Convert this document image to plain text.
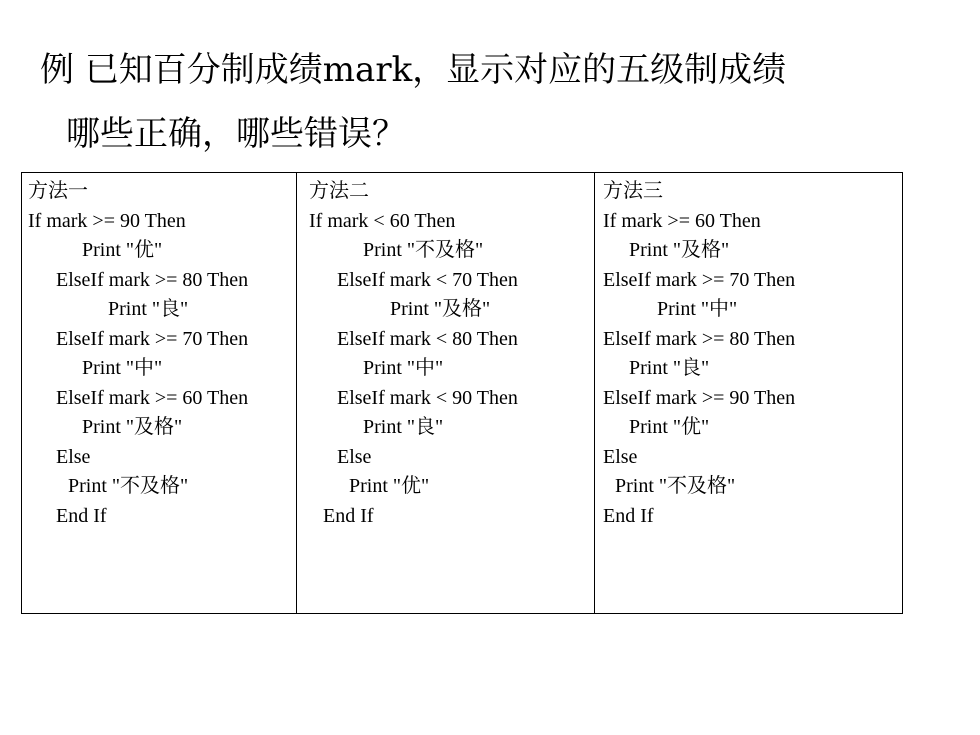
例 已知百分制成绩mark，显示对应的五级制成绩
哪些正确，哪些错误？
方法一
If mark >= 90 Then
Print "优"
ElseIf mark >= 80 Then
Print "良"
ElseIf mark >= 70 Then
Print "中"
ElseIf mark >= 60 Then
Print "及格"
Else
Print "不及格"
End If
方法二
If mark < 60 Then
Print "不及格"
ElseIf mark < 70 Then
Print "及格"
ElseIf mark < 80 Then
Print "中"
ElseIf mark < 90 Then
Print "良"
Else
Print "优"
End If
方法三
If mark >= 60 Then
Print "及格"
ElseIf mark >= 70 Then
Print "中"
ElseIf mark >= 80 Then
Print "良"
ElseIf mark >= 90 Then
Print "优"
Else
Print "不及格"
End If
